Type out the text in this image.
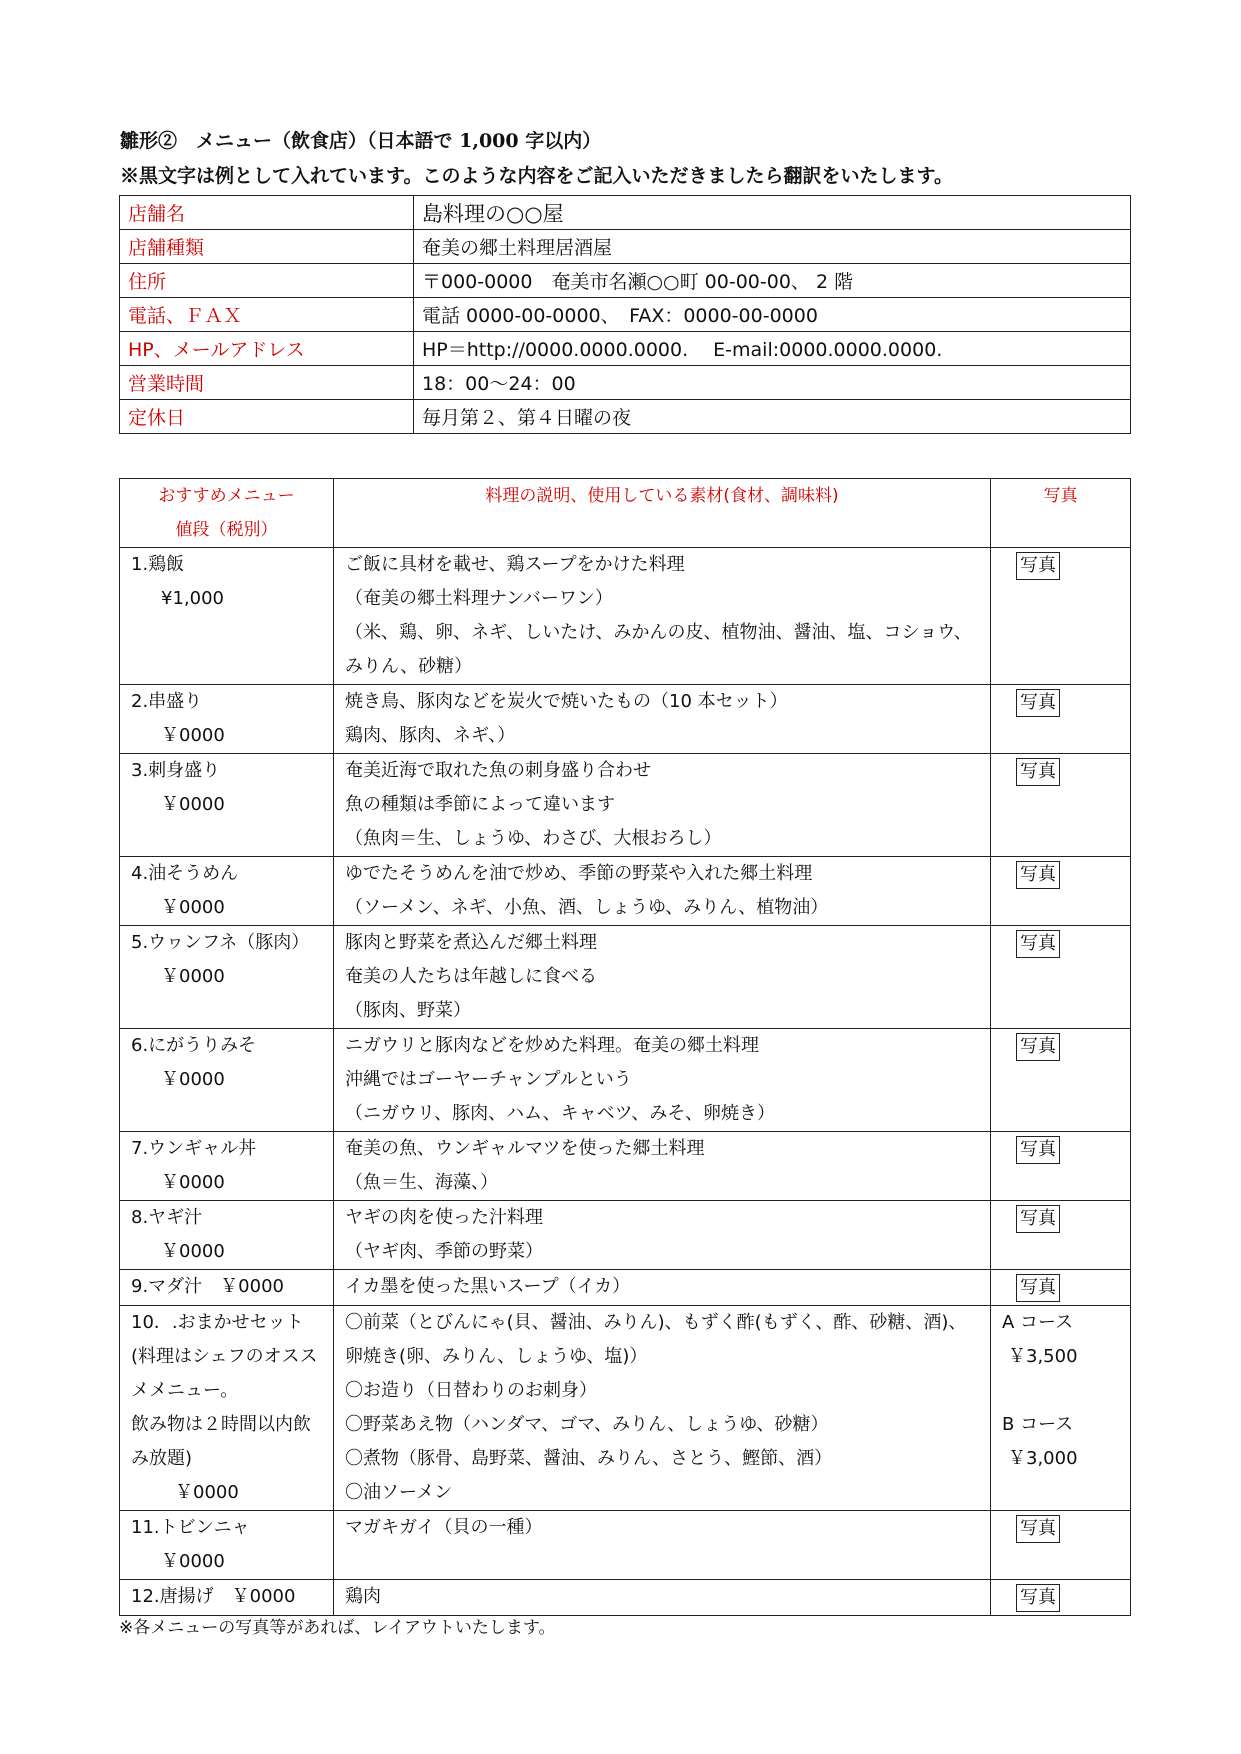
雛形②　メニュー（飲食店）（日本語で 1,000 字以内）
※黒文字は例として入れています。このような内容をご記入いただきましたら翻訳をいたします。
店舗名	島料理の○○屋
店舗種類	奄美の郷土料理居酒屋
住所	〒000-0000　奄美市名瀬○○町 00-00-00、 2 階
電話、ＦＡＸ	電話 0000-00-0000、　FAX：0000-00-0000
HP、メールアドレス	HP＝http://0000.0000.0000.　 E-mail:0000.0000.0000.
営業時間	18：00～24：00
定休日	毎月第２、第４日曜の夜
おすすめメニュー
値段（税別）	料理の説明、使用している素材(食材、調味料)	写真

1.鶏飯
¥1,000	ご飯に具材を載せ、鶏スープをかけた料理
（奄美の郷土料理ナンバーワン）
（米、鶏、卵、ネギ、しいたけ、みかんの皮、植物油、醤油、塩、コショウ、みりん、砂糖）	写真

2.串盛り
￥0000	焼き鳥、豚肉などを炭火で焼いたもの（10 本セット）
鶏肉、豚肉、ネギ、）	写真

3.刺身盛り
￥0000	奄美近海で取れた魚の刺身盛り合わせ
魚の種類は季節によって違います
（魚肉＝生、しょうゆ、わさび、大根おろし）	写真

4.油そうめん
￥0000	ゆでたそうめんを油で炒め、季節の野菜や入れた郷土料理
（ソーメン、ネギ、小魚、酒、しょうゆ、みりん、植物油）	写真

5.ウヮンフネ（豚肉）
￥0000	豚肉と野菜を煮込んだ郷土料理
奄美の人たちは年越しに食べる
（豚肉、野菜）	写真

6.にがうりみそ
￥0000	ニガウリと豚肉などを炒めた料理。奄美の郷土料理
沖縄ではゴーヤーチャンプルという
（ニガウリ、豚肉、ハム、キャベツ、みそ、卵焼き）	写真

7.ウンギャル丼
￥0000	奄美の魚、ウンギャルマツを使った郷土料理
（魚＝生、海藻、）	写真

8.ヤギ汁
￥0000	ヤギの肉を使った汁料理
（ヤギ肉、季節の野菜）	写真

9.マダ汁　￥0000	イカ墨を使った黒いスープ（イカ）	写真

10．.おまかせセット
(料理はシェフのオススメメニュー。
飲み物は２時間以内飲み放題)
￥0000	〇前菜（とびんにゃ(貝、醤油、みりん)、もずく酢(もずく、酢、砂糖、酒)、卵焼き(卵、みりん、しょうゆ、塩)）
〇お造り（日替わりのお刺身）
〇野菜あえ物（ハンダマ、ゴマ、みりん、しょうゆ、砂糖）
〇煮物（豚骨、島野菜、醤油、みりん、さとう、鰹節、酒）
〇油ソーメン	A コース
￥3,500

B コース
￥3,000

11.トビンニャ
￥0000	マガキガイ（貝の一種）	写真

12.唐揚げ　￥0000	鶏肉	写真
※各メニューの写真等があれば、レイアウトいたします。
